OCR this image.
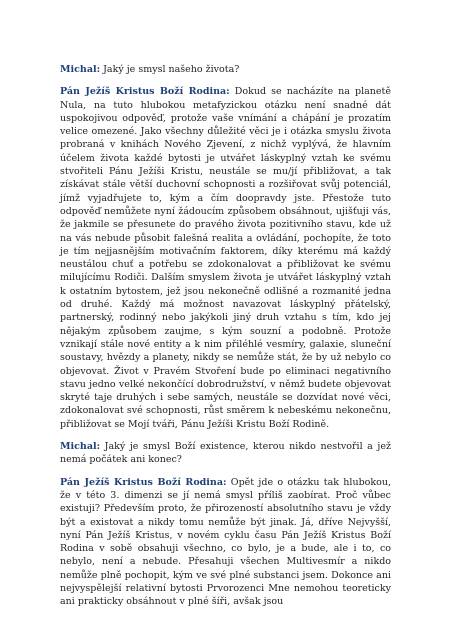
Michal: Jaký je smysl našeho života?

Pán Ježíš Kristus Boží Rodina: Dokud se nacházíte na planetě Nula, na tuto hlubokou metafyzickou otázku není snadné dát uspokojivou odpověď, protože vaše vnímání a chápání je prozatím velice omezené. Jako všechny důležité věci je i otázka smyslu života probraná v knihách Nového Zjevení, z nichž vyplývá, že hlavním účelem života každé bytosti je utvářet láskyplný vztah ke svému stvořiteli Pánu Ježíši Kristu, neustále se mu/jí přibližovat, a tak získávat stále větší duchovní schopnosti a rozšiřovat svůj potenciál, jímž vyjadřujete to, kým a čím doopravdy jste. Přestože tuto odpověď nemůžete nyní žádoucím způsobem obsáhnout, ujišťuji vás, že jakmile se přesunete do pravého života pozitivního stavu, kde už na vás nebude působit falešná realita a ovládání, pochopíte, že toto je tím nejjasnějším motivačním faktorem, díky kterému má každý neustálou chuť a potřebu se zdokonalovat a přibližovat ke svému milujícímu Rodiči. Dalším smyslem života je utvářet láskyplný vztah k ostatním bytostem, jež jsou nekonečně odlišné a rozmanité jedna od druhé. Každý má možnost navazovat láskyplný přátelský, partnerský, rodinný nebo jakýkoli jiný druh vztahu s tím, kdo jej nějakým způsobem zaujme, s kým souzní a podobně. Protože vznikají stále nové entity a k nim přiléhlé vesmíry, galaxie, sluneční soustavy, hvězdy a planety, nikdy se nemůže stát, že by už nebylo co objevovat. Život v Pravém Stvoření bude po eliminaci negativního stavu jedno velké nekončící dobrodružství, v němž budete objevovat skryté taje druhých i sebe samých, neustále se dozvídat nové věci, zdokonalovat své schopnosti, růst směrem k nebeskému nekonečnu, přibližovat se Mojí tváři, Pánu Ježíši Kristu Boží Rodině.

Michal: Jaký je smysl Boží existence, kterou nikdo nestvořil a jež nemá počátek ani konec?

Pán Ježíš Kristus Boží Rodina: Opět jde o otázku tak hlubokou, že v této 3. dimenzi se jí nemá smysl příliš zaobírat. Proč vůbec existuji? Především proto, že přirozeností absolutního stavu je vždy být a existovat a nikdy tomu nemůže být jinak. Já, dříve Nejvyšší, nyní Pán Ježíš Kristus, v novém cyklu času Pán Ježíš Kristus Boží Rodina v sobě obsahuji všechno, co bylo, je a bude, ale i to, co nebylo, není a nebude. Přesahuji všechen Multivesmír a nikdo nemůže plně pochopit, kým ve své plné substanci jsem. Dokonce ani nejvyspělejší relativní bytosti Prvorozenci Mne nemohou teoreticky ani prakticky obsáhnout v plné šíři, avšak jsou
